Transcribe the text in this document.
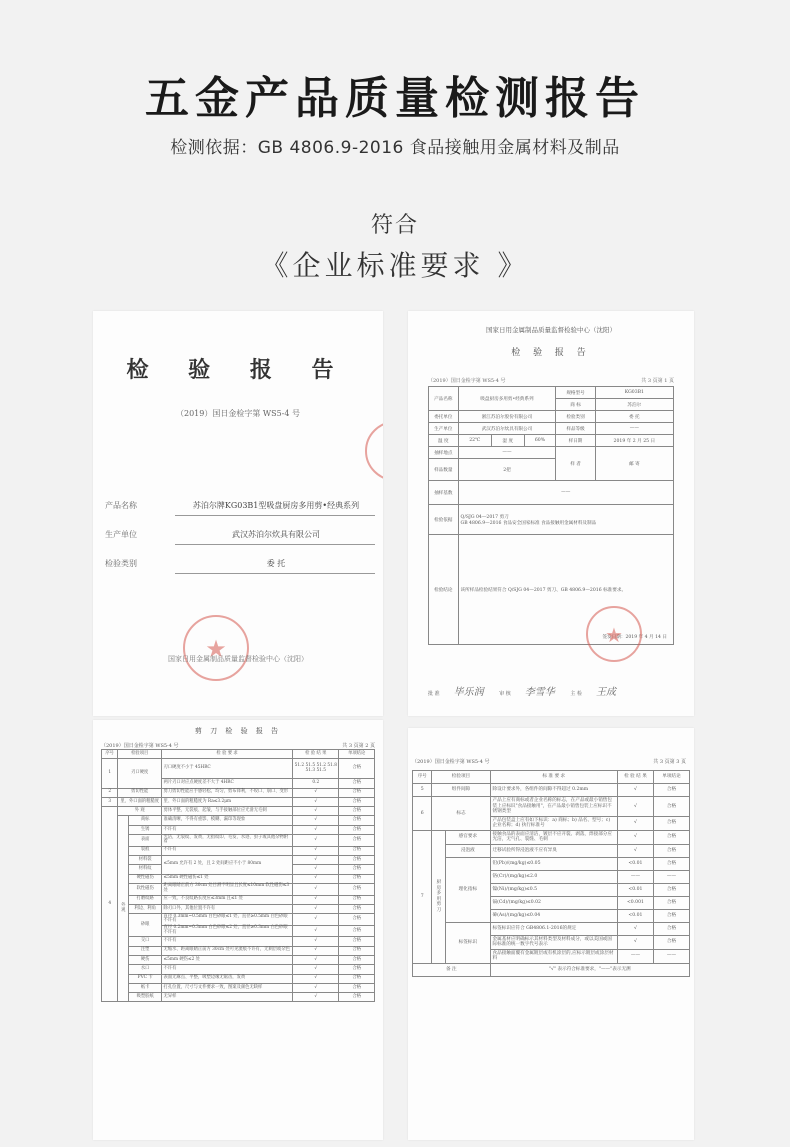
五金产品质量检测报告
检测依据：GB 4806.9-2016 食品接触用金属材料及制品
符合
《企业标准要求 》
检 验 报 告
（2019）国日金检字第 WS5-4 号
产品名称	苏泊尔牌KG03B1型吸盘厨房多用剪•经典系列
生产单位	武汉苏泊尔炊具有限公司
检验类别	委 托
★
国家日用金属制品质量监督检验中心（沈阳）
国家日用金属制品质量监督检验中心（沈阳）
检 验 报 告
（2019）国日金检字第 WS5-4 号	共 3 页第 1 页
产品名称	吸盘厨房多用剪•经典系列			规格型号	KG03B1
				商 标	苏泊尔
委托单位	浙江苏泊尔股份有限公司			检验类别	委 托
生产单位	武汉苏泊尔炊具有限公司			样品等级	——
温 度	22℃	湿 度	60%	样日期	2019 年 2 月 25 日
抽样地点	——			样 者	邮 寄
样品数量	2把				
抽样基数	——				
检验依据	Q/SJG 04—2017 剪刀
GB 4806.9—2016 食品安全国家标准 食品接触用金属材料及制品				

检验结论	该所样品检验结果符合 Q/SJG 04—2017 剪刀、GB 4806.9—2016 标准要求。
签发日期：2019 年 4 月 14 日				
★
批 准 毕乐润	审 核 李雪华	主 检 王成
剪 刀 检 验 报 告
（2019）国日金检字第 WS5-4 号	共 3 页第 2 页
序号	检验项目		检 验 要 求	检 验 结 果	单项结论
1	刃口硬度		刃口硬度不小于 45HRC	51.2 51.5 51.2 51.8 51.3 51.5	合格
			两片刃口对应点硬度差不大于 4HRC	0.2	合格
2	剪切性能		剪刀剪切性能应手感轻松，均匀，剪布锋利，不咬口、崩口、变形	√	合格
3	里、外口面的粗糙度		里、外口面的粗糙度为 Ra≤3.2μm	√	合格
4	外 观		剪体平整，无裂痕、起皱，与手接触部位应光滑无毛刺	√	合格
	外 观	商标	准确清晰，不得有重影、模糊、漏印等现象	√	合格
		生锈	不许有	√	合格
		表面	光洁，无裂纹、发黄，无指纹印、毛发、水迹、虫子或其他杂物附着	√	合格
		裂痕	不许有	√	合格
		材料裂	≤5mm 允许有 2 处，且 2 处间距应不小于 80mm	√	合格
		材料纹		√	合格
		硬性磁伤	≤5mm 硬性磁伤≤1 处	√	合格
		软性磁伤	距离眼睛正前方 30cm 处目测不明显且长度≤10mm 软性磁伤≤3 处	√	合格
		打磨纹路	应一致，不良纹路长度应≤3mm 且≤1 处	√	合格
		利边、利角	除刃口外，其他位置不许有	√	合格
		砂眼	直径 0.3mm~0.5mm 白色砂眼≤1 处，直径≥0.5mm 白色砂眼不许有	√	合格
			直径 0.2mm~0.3mm 白色砂眼≤2 处，直径≥0.3mm 白色砂眼不许有	√	合格
		交口	不许有	√	合格
		注塑	无缩水、距离眼睛正前方 30cm 处可见流痕不许有，无刺层或杂色	√	合格
		硬伤	≤5mm 硬伤≤2 处	√	合格
		水口	不许有	√	合格
		PVC 卡	表面无麻点、平整，吸塑边缘无锯齿，发黄	√	合格
		纸卡	打孔位置，尺寸与文件要求一致，图案及颜色无缺样	√	合格
		吸塑胶纸	无异样	√	合格
（2019）国日金检字第 WS5-4 号	共 3 页第 3 页
序号	检验项目		标 准 要 求	检 验 结 果	单项结论
5	组件间隙		除设计要求外，各组件的间隙不得超过 0.2mm	√	合格
6	标志		产品上应有商标或者企业名称的标志，在产品或最小销售包装上应标识"食品接触用"，在产品最小销售包装上应标识不锈钢类型	√	合格
			产品包装盒上应有如下标识：a) 商标；b) 品名、型号；c) 企业名称；d) 执行标准号	√	合格
7	厨房多用剪刀	感官要求	接触食品的表面应清洁，镀层不应开裂、剥落，焊接部分应光洁，无气孔、裂缝、毛刺	√	合格
		浸泡液	迁移试验所得浸泡液不应有异臭	√	合格
		理化指标	铅(Pb)/(mg/kg)≤0.05	<0.01	合格
			铬(Cr)/(mg/kg)≤2.0	——	——
			镍(Ni)/(mg/kg)≤0.5	<0.01	合格
			镉(Cd)/(mg/kg)≤0.02	<0.001	合格
			砷(As)/(mg/kg)≤0.04	<0.01	合格
		标签标识	标签标识应符合 GB4806.1-2016的规定	√	合格
			金属基材应明确标示其材料类型及材料成分，或以美国或国际标准的统一数字代号表示	√	合格
			食品接触面覆有金属镀层或有机涂层的,应标示镀层或涂层材料	——	——
备 注			"√" 表示符合标准要求，"——"表示无测		
